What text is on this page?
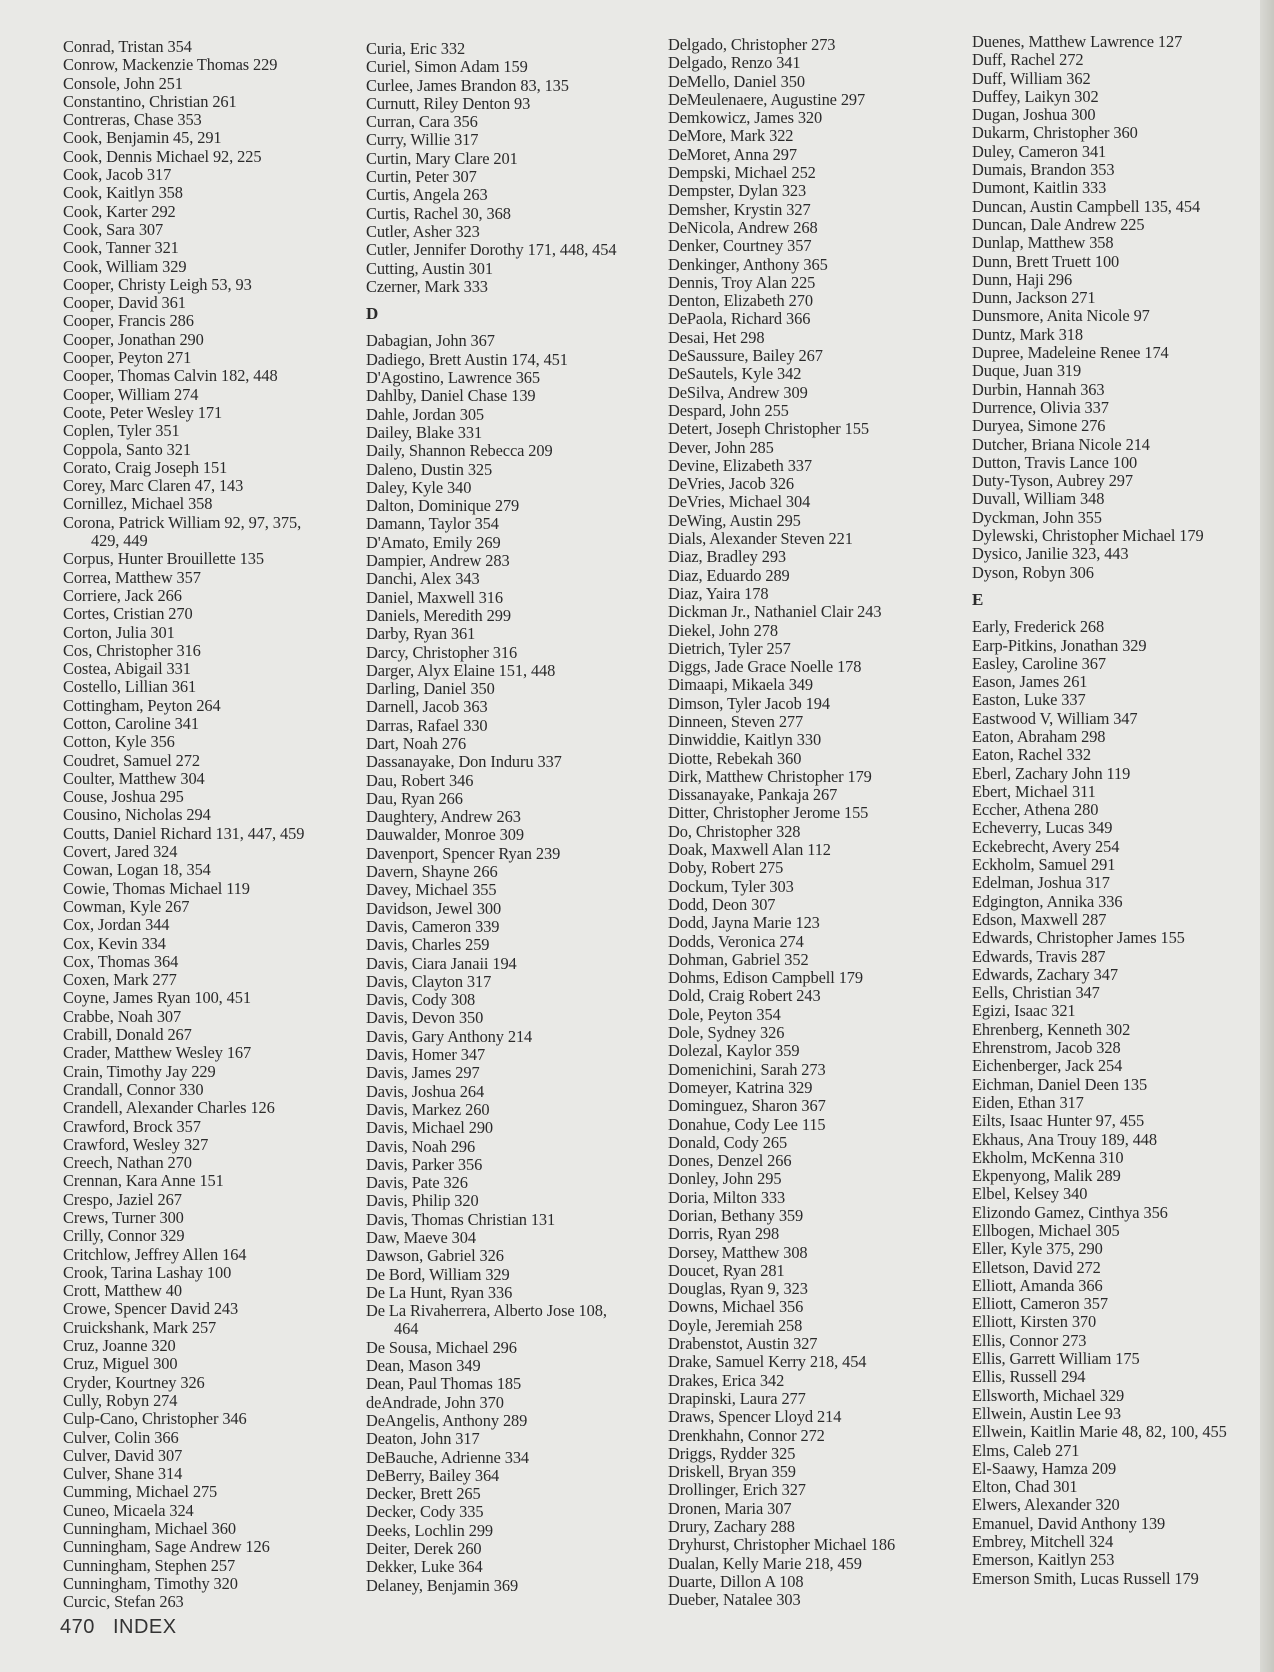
Conrad, Tristan 354
Conrow, Mackenzie Thomas 229
Console, John 251
Constantino, Christian 261
Contreras, Chase 353
Cook, Benjamin 45, 291
Cook, Dennis Michael 92, 225
Cook, Jacob 317
Cook, Kaitlyn 358
Cook, Karter 292
Cook, Sara 307
Cook, Tanner 321
Cook, William 329
Cooper, Christy Leigh 53, 93
Cooper, David 361
Cooper, Francis 286
Cooper, Jonathan 290
Cooper, Peyton 271
Cooper, Thomas Calvin 182, 448
Cooper, William 274
Coote, Peter Wesley 171
Coplen, Tyler 351
Coppola, Santo 321
Corato, Craig Joseph 151
Corey, Marc Claren 47, 143
Cornillez, Michael 358
Corona, Patrick William 92, 97, 375,
429, 449
Corpus, Hunter Brouillette 135
Correa, Matthew 357
Corriere, Jack 266
Cortes, Cristian 270
Corton, Julia 301
Cos, Christopher 316
Costea, Abigail 331
Costello, Lillian 361
Cottingham, Peyton 264
Cotton, Caroline 341
Cotton, Kyle 356
Coudret, Samuel 272
Coulter, Matthew 304
Couse, Joshua 295
Cousino, Nicholas 294
Coutts, Daniel Richard 131, 447, 459
Covert, Jared 324
Cowan, Logan 18, 354
Cowie, Thomas Michael 119
Cowman, Kyle 267
Cox, Jordan 344
Cox, Kevin 334
Cox, Thomas 364
Coxen, Mark 277
Coyne, James Ryan 100, 451
Crabbe, Noah 307
Crabill, Donald 267
Crader, Matthew Wesley 167
Crain, Timothy Jay 229
Crandall, Connor 330
Crandell, Alexander Charles 126
Crawford, Brock 357
Crawford, Wesley 327
Creech, Nathan 270
Crennan, Kara Anne 151
Crespo, Jaziel 267
Crews, Turner 300
Crilly, Connor 329
Critchlow, Jeffrey Allen 164
Crook, Tarina Lashay 100
Crott, Matthew 40
Crowe, Spencer David 243
Cruickshank, Mark 257
Cruz, Joanne 320
Cruz, Miguel 300
Cryder, Kourtney 326
Cully, Robyn 274
Culp-Cano, Christopher 346
Culver, Colin 366
Culver, David 307
Culver, Shane 314
Cumming, Michael 275
Cuneo, Micaela 324
Cunningham, Michael 360
Cunningham, Sage Andrew 126
Cunningham, Stephen 257
Cunningham, Timothy 320
Curcic, Stefan 263
Curia, Eric 332
Curiel, Simon Adam 159
Curlee, James Brandon 83, 135
Curnutt, Riley Denton 93
Curran, Cara 356
Curry, Willie 317
Curtin, Mary Clare 201
Curtin, Peter 307
Curtis, Angela 263
Curtis, Rachel 30, 368
Cutler, Asher 323
Cutler, Jennifer Dorothy 171, 448, 454
Cutting, Austin 301
Czerner, Mark 333
D
Dabagian, John 367
Dadiego, Brett Austin 174, 451
D'Agostino, Lawrence 365
Dahlby, Daniel Chase 139
Dahle, Jordan 305
Dailey, Blake 331
Daily, Shannon Rebecca 209
Daleno, Dustin 325
Daley, Kyle 340
Dalton, Dominique 279
Damann, Taylor 354
D'Amato, Emily 269
Dampier, Andrew 283
Danchi, Alex 343
Daniel, Maxwell 316
Daniels, Meredith 299
Darby, Ryan 361
Darcy, Christopher 316
Darger, Alyx Elaine 151, 448
Darling, Daniel 350
Darnell, Jacob 363
Darras, Rafael 330
Dart, Noah 276
Dassanayake, Don Induru 337
Dau, Robert 346
Dau, Ryan 266
Daughtery, Andrew 263
Dauwalder, Monroe 309
Davenport, Spencer Ryan 239
Davern, Shayne 266
Davey, Michael 355
Davidson, Jewel 300
Davis, Cameron 339
Davis, Charles 259
Davis, Ciara Janaii 194
Davis, Clayton 317
Davis, Cody 308
Davis, Devon 350
Davis, Gary Anthony 214
Davis, Homer 347
Davis, James 297
Davis, Joshua 264
Davis, Markez 260
Davis, Michael 290
Davis, Noah 296
Davis, Parker 356
Davis, Pate 326
Davis, Philip 320
Davis, Thomas Christian 131
Daw, Maeve 304
Dawson, Gabriel 326
De Bord, William 329
De La Hunt, Ryan 336
De La Rivaherrera, Alberto Jose 108,
464
De Sousa, Michael 296
Dean, Mason 349
Dean, Paul Thomas 185
deAndrade, John 370
DeAngelis, Anthony 289
Deaton, John 317
DeBauche, Adrienne 334
DeBerry, Bailey 364
Decker, Brett 265
Decker, Cody 335
Deeks, Lochlin 299
Deiter, Derek 260
Dekker, Luke 364
Delaney, Benjamin 369
Delgado, Christopher 273
Delgado, Renzo 341
DeMello, Daniel 350
DeMeulenaere, Augustine 297
Demkowicz, James 320
DeMore, Mark 322
DeMoret, Anna 297
Dempski, Michael 252
Dempster, Dylan 323
Demsher, Krystin 327
DeNicola, Andrew 268
Denker, Courtney 357
Denkinger, Anthony 365
Dennis, Troy Alan 225
Denton, Elizabeth 270
DePaola, Richard 366
Desai, Het 298
DeSaussure, Bailey 267
DeSautels, Kyle 342
DeSilva, Andrew 309
Despard, John 255
Detert, Joseph Christopher 155
Dever, John 285
Devine, Elizabeth 337
DeVries, Jacob 326
DeVries, Michael 304
DeWing, Austin 295
Dials, Alexander Steven 221
Diaz, Bradley 293
Diaz, Eduardo 289
Diaz, Yaira 178
Dickman Jr., Nathaniel Clair 243
Diekel, John 278
Dietrich, Tyler 257
Diggs, Jade Grace Noelle 178
Dimaapi, Mikaela 349
Dimson, Tyler Jacob 194
Dinneen, Steven 277
Dinwiddie, Kaitlyn 330
Diotte, Rebekah 360
Dirk, Matthew Christopher 179
Dissanayake, Pankaja 267
Ditter, Christopher Jerome 155
Do, Christopher 328
Doak, Maxwell Alan 112
Doby, Robert 275
Dockum, Tyler 303
Dodd, Deon 307
Dodd, Jayna Marie 123
Dodds, Veronica 274
Dohman, Gabriel 352
Dohms, Edison Campbell 179
Dold, Craig Robert 243
Dole, Peyton 354
Dole, Sydney 326
Dolezal, Kaylor 359
Domenichini, Sarah 273
Domeyer, Katrina 329
Dominguez, Sharon 367
Donahue, Cody Lee 115
Donald, Cody 265
Dones, Denzel 266
Donley, John 295
Doria, Milton 333
Dorian, Bethany 359
Dorris, Ryan 298
Dorsey, Matthew 308
Doucet, Ryan 281
Douglas, Ryan 9, 323
Downs, Michael 356
Doyle, Jeremiah 258
Drabenstot, Austin 327
Drake, Samuel Kerry 218, 454
Drakes, Erica 342
Drapinski, Laura 277
Draws, Spencer Lloyd 214
Drenkhahn, Connor 272
Driggs, Rydder 325
Driskell, Bryan 359
Drollinger, Erich 327
Dronen, Maria 307
Drury, Zachary 288
Dryhurst, Christopher Michael 186
Dualan, Kelly Marie 218, 459
Duarte, Dillon A 108
Dueber, Natalee 303
Duenes, Matthew Lawrence 127
Duff, Rachel 272
Duff, William 362
Duffey, Laikyn 302
Dugan, Joshua 300
Dukarm, Christopher 360
Duley, Cameron 341
Dumais, Brandon 353
Dumont, Kaitlin 333
Duncan, Austin Campbell 135, 454
Duncan, Dale Andrew 225
Dunlap, Matthew 358
Dunn, Brett Truett 100
Dunn, Haji 296
Dunn, Jackson 271
Dunsmore, Anita Nicole 97
Duntz, Mark 318
Dupree, Madeleine Renee 174
Duque, Juan 319
Durbin, Hannah 363
Durrence, Olivia 337
Duryea, Simone 276
Dutcher, Briana Nicole 214
Dutton, Travis Lance 100
Duty-Tyson, Aubrey 297
Duvall, William 348
Dyckman, John 355
Dylewski, Christopher Michael 179
Dysico, Janilie 323, 443
Dyson, Robyn 306
E
Early, Frederick 268
Earp-Pitkins, Jonathan 329
Easley, Caroline 367
Eason, James 261
Easton, Luke 337
Eastwood V, William 347
Eaton, Abraham 298
Eaton, Rachel 332
Eberl, Zachary John 119
Ebert, Michael 311
Eccher, Athena 280
Echeverry, Lucas 349
Eckebrecht, Avery 254
Eckholm, Samuel 291
Edelman, Joshua 317
Edgington, Annika 336
Edson, Maxwell 287
Edwards, Christopher James 155
Edwards, Travis 287
Edwards, Zachary 347
Eells, Christian 347
Egizi, Isaac 321
Ehrenberg, Kenneth 302
Ehrenstrom, Jacob 328
Eichenberger, Jack 254
Eichman, Daniel Deen 135
Eiden, Ethan 317
Eilts, Isaac Hunter 97, 455
Ekhaus, Ana Trouy 189, 448
Ekholm, McKenna 310
Ekpenyong, Malik 289
Elbel, Kelsey 340
Elizondo Gamez, Cinthya 356
Ellbogen, Michael 305
Eller, Kyle 375, 290
Elletson, David 272
Elliott, Amanda 366
Elliott, Cameron 357
Elliott, Kirsten 370
Ellis, Connor 273
Ellis, Garrett William 175
Ellis, Russell 294
Ellsworth, Michael 329
Ellwein, Austin Lee 93
Ellwein, Kaitlin Marie 48, 82, 100, 455
Elms, Caleb 271
El-Saawy, Hamza 209
Elton, Chad 301
Elwers, Alexander 320
Emanuel, David Anthony 139
Embrey, Mitchell 324
Emerson, Kaitlyn 253
Emerson Smith, Lucas Russell 179
470 INDEX
